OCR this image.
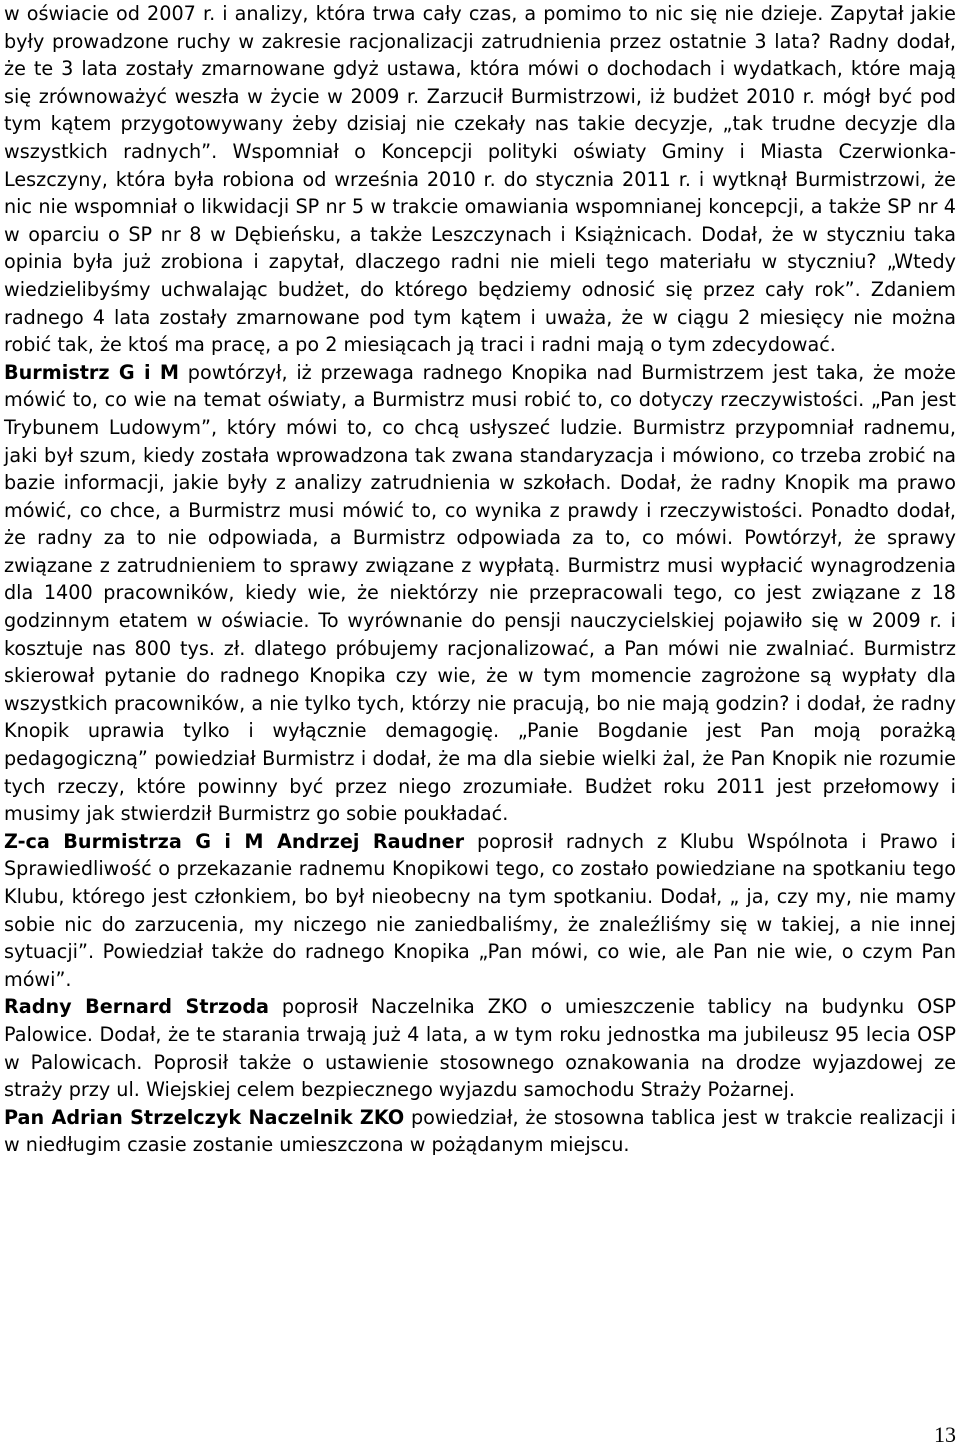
w oświacie od 2007 r. i analizy, która trwa cały czas, a pomimo to nic się nie dzieje. Zapytał jakie były prowadzone ruchy w zakresie racjonalizacji zatrudnienia przez ostatnie 3 lata? Radny dodał, że te 3 lata zostały zmarnowane gdyż ustawa, która mówi o dochodach i wydatkach, które mają się zrównoważyć weszła w życie w 2009 r. Zarzucił Burmistrzowi, iż budżet 2010 r. mógł być pod tym kątem przygotowywany żeby dzisiaj nie czekały nas takie decyzje, „tak trudne decyzje dla wszystkich radnych”. Wspomniał o Koncepcji polityki oświaty Gminy i Miasta Czerwionka-Leszczyny, która była robiona od września 2010 r. do stycznia 2011 r. i wytknął Burmistrzowi, że nic nie wspomniał o likwidacji SP nr 5 w trakcie omawiania wspomnianej koncepcji, a także SP nr 4 w oparciu o SP nr 8 w Dębieńsku, a także Leszczynach i Książnicach. Dodał, że w styczniu taka opinia była już zrobiona i zapytał, dlaczego radni nie mieli tego materiału w styczniu? „Wtedy wiedzielibyśmy uchwalając budżet, do którego będziemy odnosić się przez cały rok”. Zdaniem radnego 4 lata zostały zmarnowane pod tym kątem i uważa, że w ciągu 2 miesięcy nie można robić tak, że ktoś ma pracę, a po 2 miesiącach ją traci i radni mają o tym zdecydować.

Burmistrz G i M powtórzył, iż przewaga radnego Knopika nad Burmistrzem jest taka, że może mówić to, co wie na temat oświaty, a Burmistrz musi robić to, co dotyczy rzeczywistości. „Pan jest Trybunem Ludowym”, który mówi to, co chcą usłyszeć ludzie. Burmistrz przypomniał radnemu, jaki był szum, kiedy została wprowadzona tak zwana standaryzacja i mówiono, co trzeba zrobić na bazie informacji, jakie były z analizy zatrudnienia w szkołach. Dodał, że radny Knopik ma prawo mówić, co chce, a Burmistrz musi mówić to, co wynika z prawdy i rzeczywistości. Ponadto dodał, że radny za to nie odpowiada, a Burmistrz odpowiada za to, co mówi. Powtórzył, że sprawy związane z zatrudnieniem to sprawy związane z wypłatą. Burmistrz musi wypłacić wynagrodzenia dla 1400 pracowników, kiedy wie, że niektórzy nie przepracowali tego, co jest związane z 18 godzinnym etatem w oświacie. To wyrównanie do pensji nauczycielskiej pojawiło się w 2009 r. i kosztuje nas 800 tys. zł. dlatego próbujemy racjonalizować, a Pan mówi nie zwalniać. Burmistrz skierował pytanie do radnego Knopika czy wie, że w tym momencie zagrożone są wypłaty dla wszystkich pracowników, a nie tylko tych, którzy nie pracują, bo nie mają godzin? i dodał, że radny Knopik uprawia tylko i wyłącznie demagogię. „Panie Bogdanie jest Pan moją porażką pedagogiczną” powiedział Burmistrz i dodał, że ma dla siebie wielki żal, że Pan Knopik nie rozumie tych rzeczy, które powinny być przez niego zrozumiałe. Budżet roku 2011 jest przełomowy i musimy jak stwierdził Burmistrz go sobie poukładać.

Z-ca Burmistrza G i M Andrzej Raudner poprosił radnych z Klubu Wspólnota i Prawo i Sprawiedliwość o przekazanie radnemu Knopikowi tego, co zostało powiedziane na spotkaniu tego Klubu, którego jest członkiem, bo był nieobecny na tym spotkaniu. Dodał, „ ja, czy my, nie mamy sobie nic do zarzucenia, my niczego nie zaniedbaliśmy, że znaleźliśmy się w takiej, a nie innej sytuacji”. Powiedział także do radnego Knopika „Pan mówi, co wie, ale Pan nie wie, o czym Pan mówi”.

Radny Bernard Strzoda poprosił Naczelnika ZKO o umieszczenie tablicy na budynku OSP Palowice. Dodał, że te starania trwają już 4 lata, a w tym roku jednostka ma jubileusz 95 lecia OSP w Palowicach. Poprosił także o ustawienie stosownego oznakowania na drodze wyjazdowej ze straży przy ul. Wiejskiej celem bezpiecznego wyjazdu samochodu Straży Pożarnej.

Pan Adrian Strzelczyk Naczelnik ZKO powiedział, że stosowna tablica jest w trakcie realizacji i w niedługim czasie zostanie umieszczona w pożądanym miejscu.

13
